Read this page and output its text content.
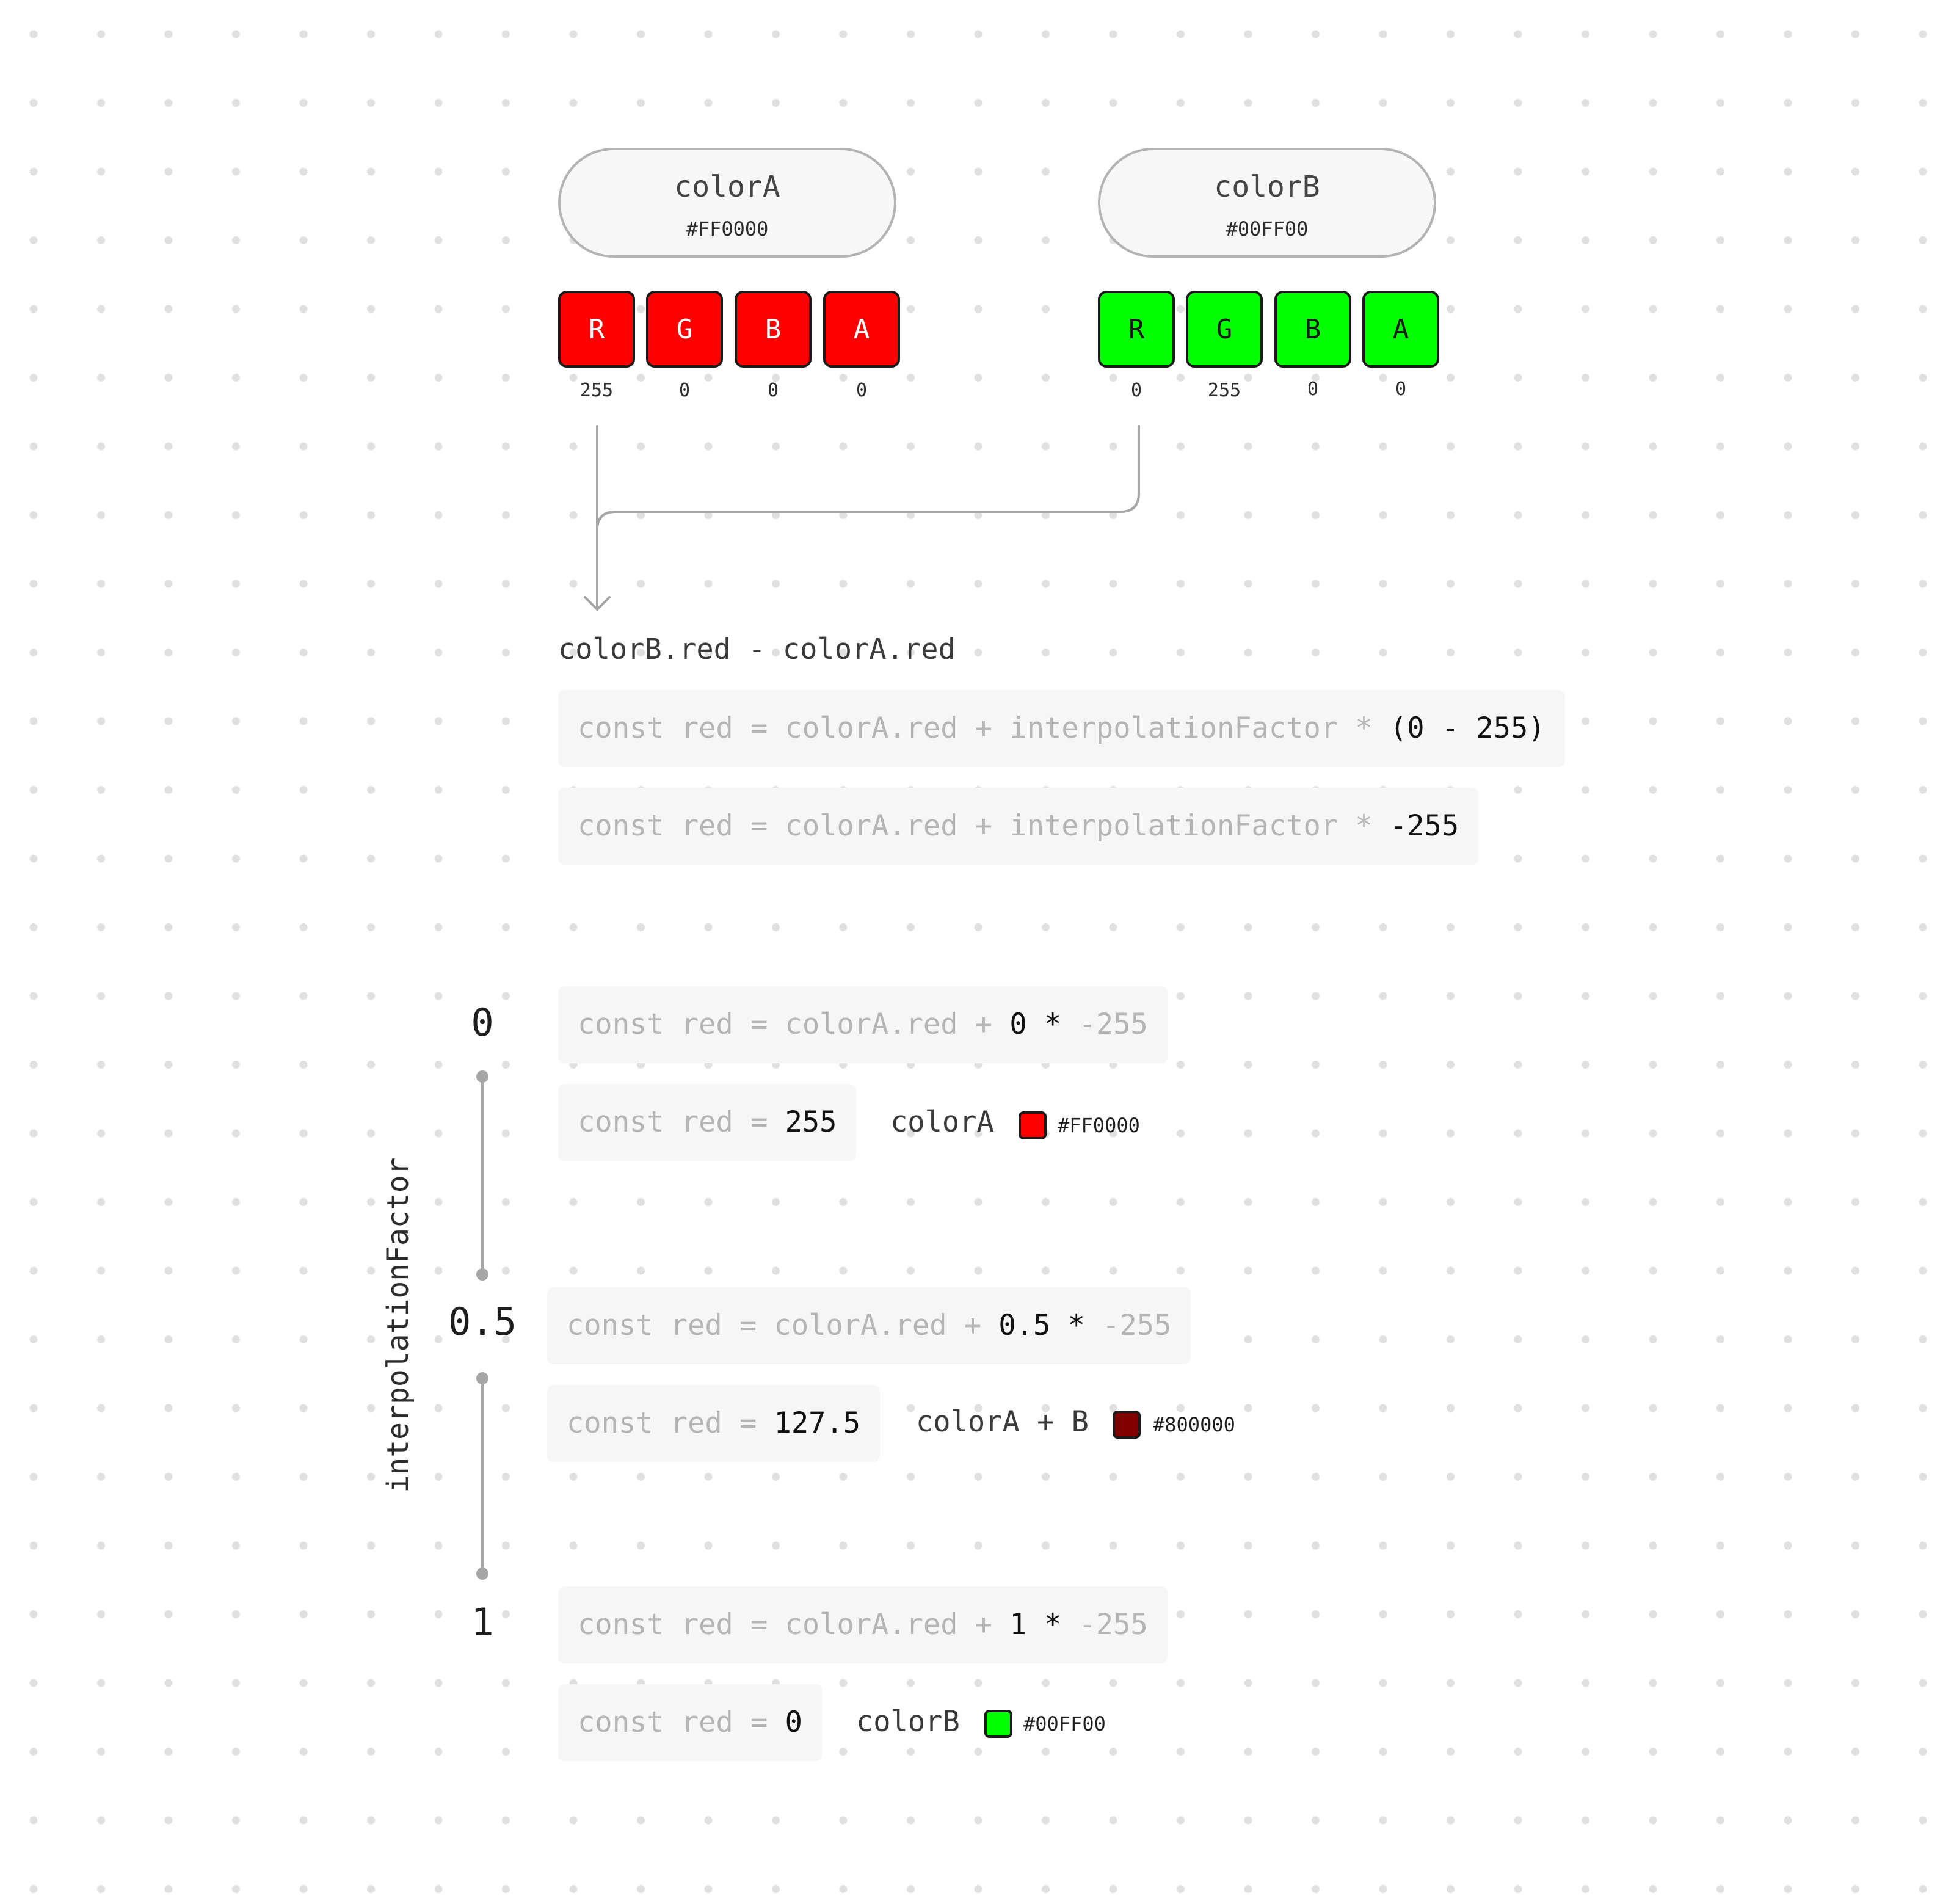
colorA
#FF0000
R	G	B	A
255	0	0	0
colorB
#00FF00
R	G	B	A
0	255	0	0
colorB.red - colorA.red
const red = colorA.red + interpolationFactor * (0 - 255)
const red = colorA.red + interpolationFactor * -255
interpolationFactor
0	const red = colorA.red + 0 * -255
const red = 255	colorA	#FF0000
0.5	const red = colorA.red + 0.5 * -255
const red = 127.5	colorA + B	#800000
1	const red = colorA.red + 1 * -255
const red = 0	colorB	#00FF00
